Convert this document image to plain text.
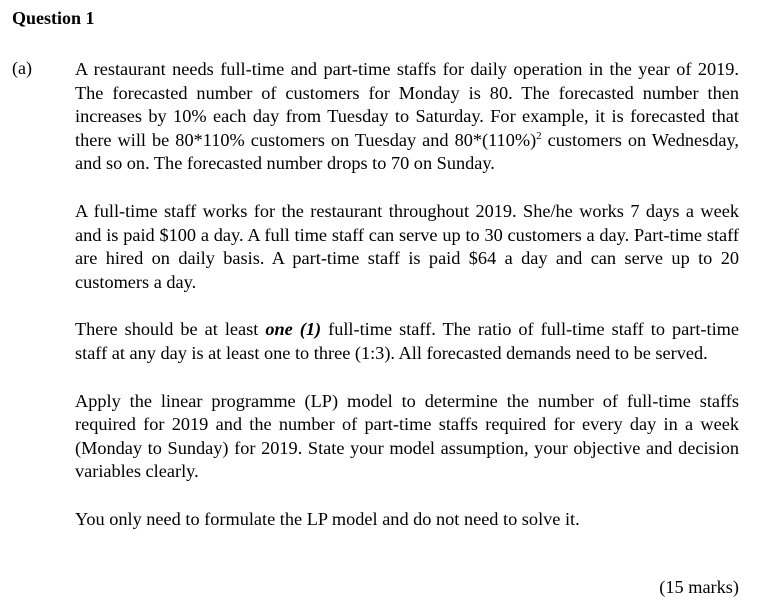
Question 1
(a) A restaurant needs full-time and part-time staffs for daily operation in the year of 2019. The forecasted number of customers for Monday is 80. The forecasted number then increases by 10% each day from Tuesday to Saturday. For example, it is forecasted that there will be 80*110% customers on Tuesday and $80*(110\%)^2$ customers on Wednesday, and so on. The forecasted number drops to 70 on Sunday.

A full-time staff works for the restaurant throughout 2019. She/he works 7 days a week and is paid $100 a day. A full time staff can serve up to 30 customers a day. Part-time staff are hired on daily basis. A part-time staff is paid $64 a day and can serve up to 20 customers a day.

There should be at least one (1) full-time staff. The ratio of full-time staff to part-time staff at any day is at least one to three (1:3). All forecasted demands need to be served.

Apply the linear programme (LP) model to determine the number of full-time staffs required for 2019 and the number of part-time staffs required for every day in a week (Monday to Sunday) for 2019. State your model assumption, your objective and decision variables clearly.

You only need to formulate the LP model and do not need to solve it.

(15 marks)
